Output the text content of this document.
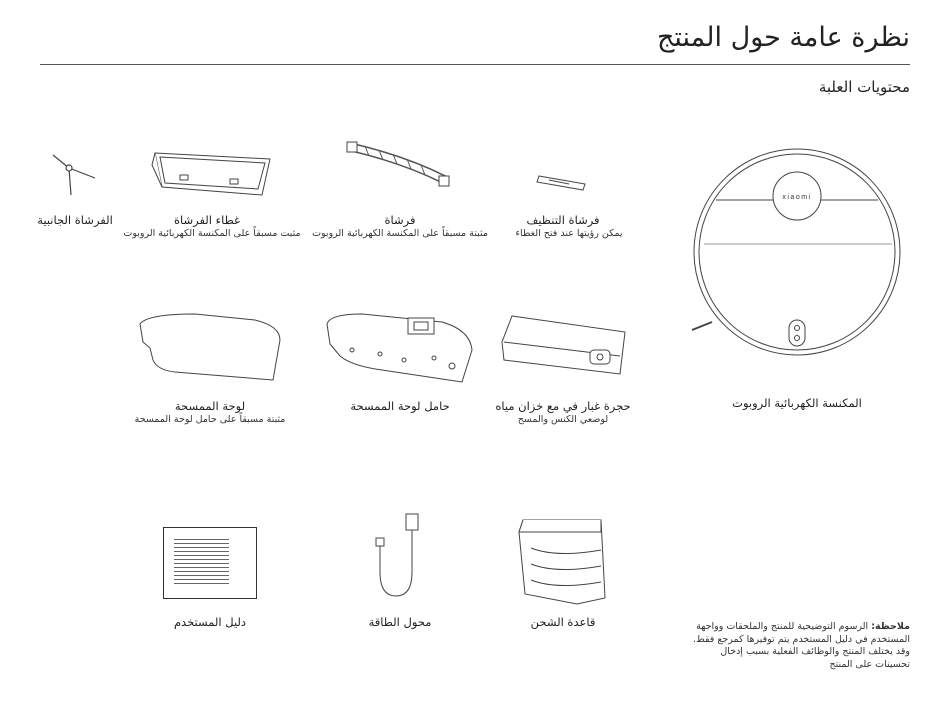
نظرة عامة حول المنتج
محتويات العلبة
الفرشاة الجانبية	غطاء الفرشاة
مثبت مسبقاً على المكنسة الكهربائية الروبوت
فرشاة
مثبتة مسبقاً على المكنسة الكهربائية الروبوت
فرشاة التنظيف
يمكن رؤيتها عند فتح الغطاء
xiaomi
المكنسة الكهربائية الروبوت
لوحة الممسحة
مثبتة مسبقاً على حامل لوحة الممسحة
حامل لوحة الممسحة	حجرة غبار في مع خزان مياه
لوضعي الكنس والمسح
دليل المستخدم	محول الطاقة	قاعدة الشحن	ملاحظة: الرسوم التوضيحية للمنتج والملحقات وواجهة المستخدم في دليل المستخدم يتم توفيرها كمرجع فقط. وقد يختلف المنتج والوظائف الفعلية بسبب إدخال تحسينات على المنتج
